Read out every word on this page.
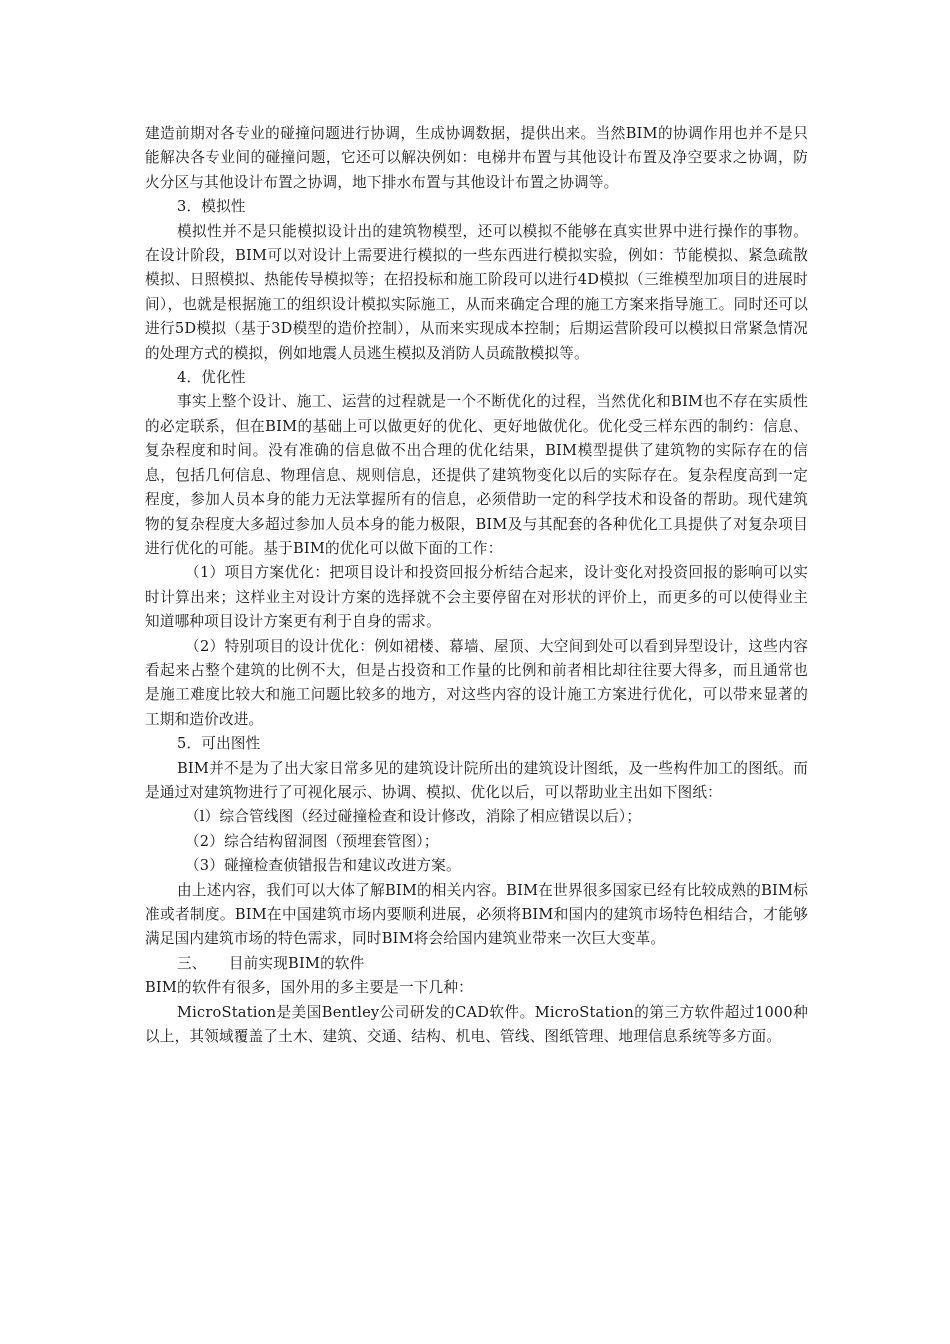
建造前期对各专业的碰撞问题进行协调，生成协调数据，提供出来。当然BIM的协调作用也并不是只能解决各专业间的碰撞问题，它还可以解决例如：电梯井布置与其他设计布置及净空要求之协调，防火分区与其他设计布置之协调，地下排水布置与其他设计布置之协调等。

3．模拟性

模拟性并不是只能模拟设计出的建筑物模型，还可以模拟不能够在真实世界中进行操作的事物。在设计阶段，BIM可以对设计上需要进行模拟的一些东西进行模拟实验，例如：节能模拟、紧急疏散模拟、日照模拟、热能传导模拟等；在招投标和施工阶段可以进行4D模拟（三维模型加项目的进展时间），也就是根据施工的组织设计模拟实际施工，从而来确定合理的施工方案来指导施工。同时还可以进行5D模拟（基于3D模型的造价控制），从而来实现成本控制；后期运营阶段可以模拟日常紧急情况的处理方式的模拟，例如地震人员逃生模拟及消防人员疏散模拟等。

4．优化性

事实上整个设计、施工、运营的过程就是一个不断优化的过程，当然优化和BIM也不存在实质性的必定联系，但在BIM的基础上可以做更好的优化、更好地做优化。优化受三样东西的制约：信息、复杂程度和时间。没有准确的信息做不出合理的优化结果，BIM模型提供了建筑物的实际存在的信息，包括几何信息、物理信息、规则信息，还提供了建筑物变化以后的实际存在。复杂程度高到一定程度，参加人员本身的能力无法掌握所有的信息，必须借助一定的科学技术和设备的帮助。现代建筑物的复杂程度大多超过参加人员本身的能力极限，BIM及与其配套的各种优化工具提供了对复杂项目进行优化的可能。基于BIM的优化可以做下面的工作：

（1）项目方案优化：把项目设计和投资回报分析结合起来，设计变化对投资回报的影响可以实时计算出来；这样业主对设计方案的选择就不会主要停留在对形状的评价上，而更多的可以使得业主知道哪种项目设计方案更有利于自身的需求。

（2）特别项目的设计优化：例如裙楼、幕墙、屋顶、大空间到处可以看到异型设计，这些内容看起来占整个建筑的比例不大，但是占投资和工作量的比例和前者相比却往往要大得多，而且通常也是施工难度比较大和施工问题比较多的地方，对这些内容的设计施工方案进行优化，可以带来显著的工期和造价改进。

5．可出图性

BIM并不是为了出大家日常多见的建筑设计院所出的建筑设计图纸，及一些构件加工的图纸。而是通过对建筑物进行了可视化展示、协调、模拟、优化以后，可以帮助业主出如下图纸：

（l）综合管线图（经过碰撞检查和设计修改，消除了相应错误以后）；

（2）综合结构留洞图（预埋套管图）；

（3）碰撞检查侦错报告和建议改进方案。

由上述内容，我们可以大体了解BIM的相关内容。BIM在世界很多国家已经有比较成熟的BIM标准或者制度。BIM在中国建筑市场内要顺利进展，必须将BIM和国内的建筑市场特色相结合，才能够满足国内建筑市场的特色需求，同时BIM将会给国内建筑业带来一次巨大变革。

三、　　目前实现BIM的软件

BIM的软件有很多，国外用的多主要是一下几种：

MicroStation是美国Bentley公司研发的CAD软件。MicroStation的第三方软件超过1000种以上，其领域覆盖了土木、建筑、交通、结构、机电、管线、图纸管理、地理信息系统等多方面。
